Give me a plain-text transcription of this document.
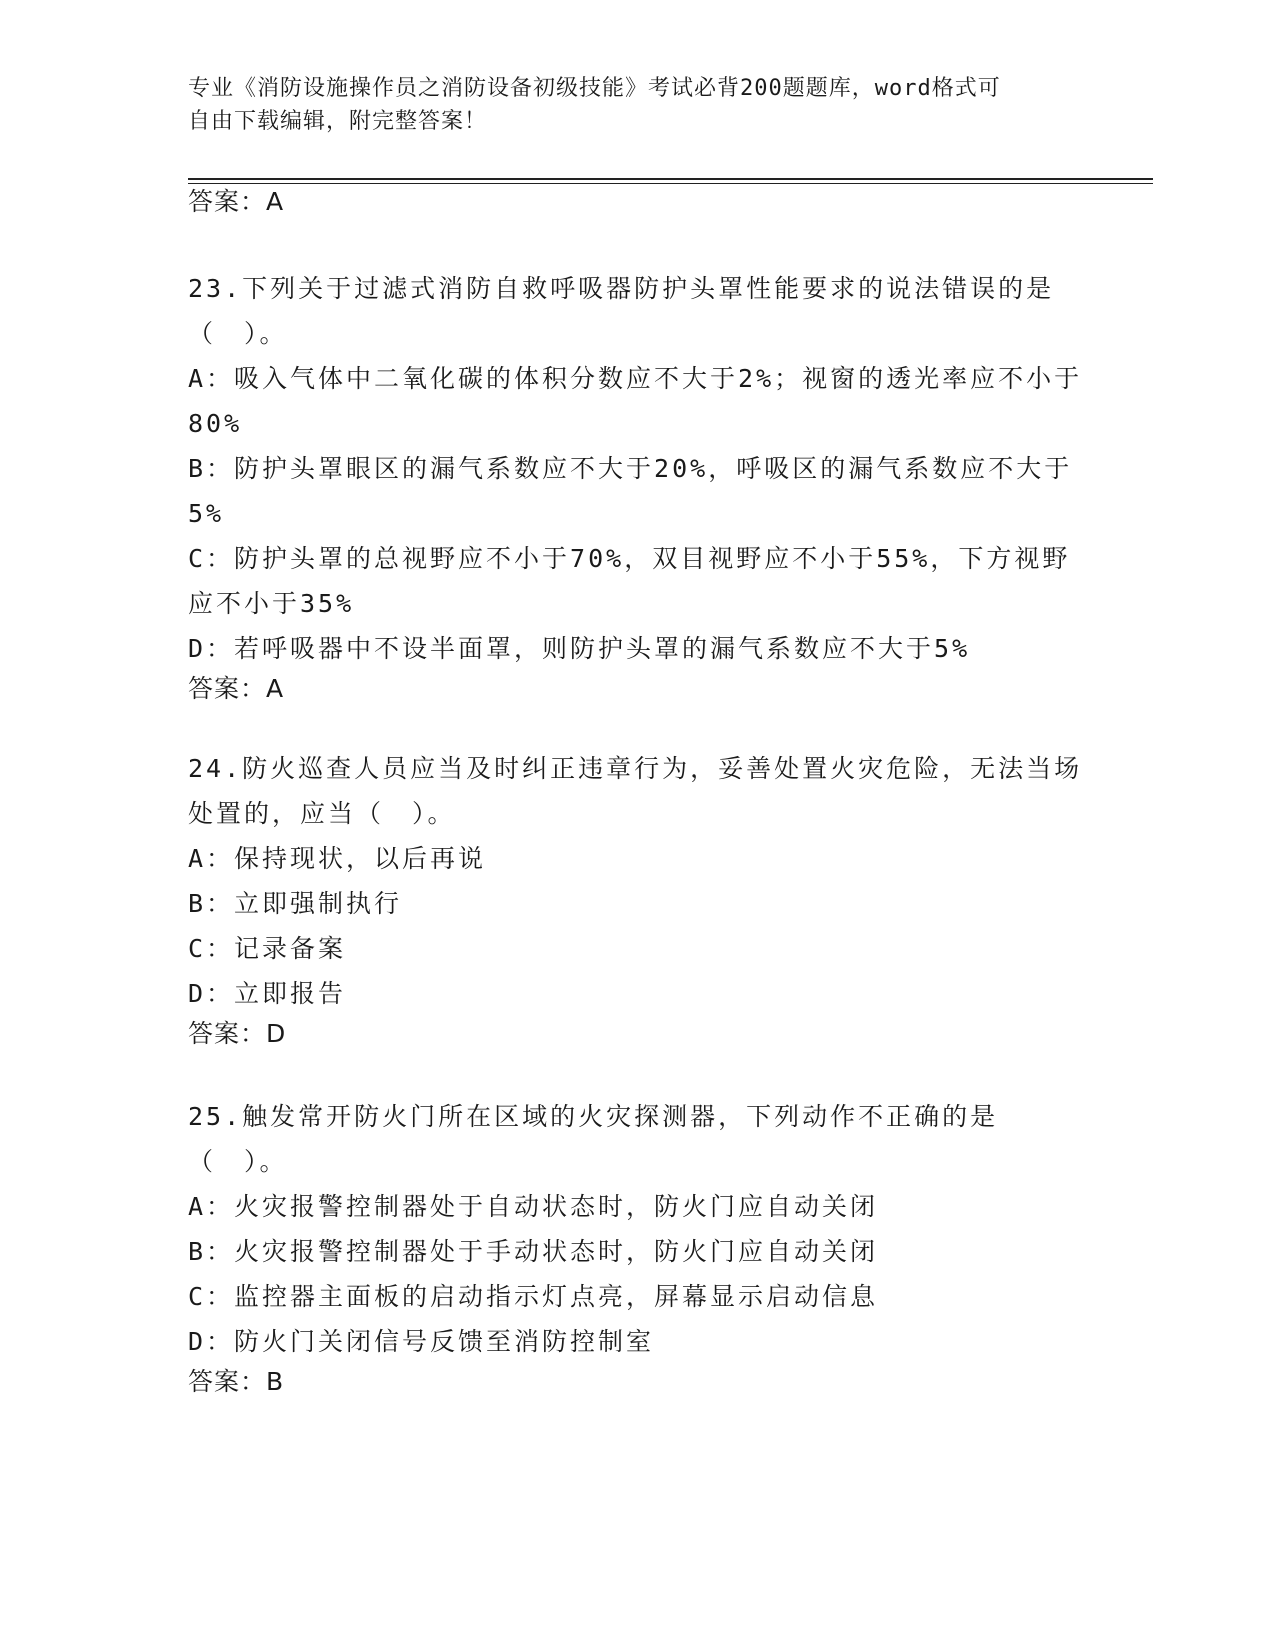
专业《消防设施操作员之消防设备初级技能》考试必背200题题库，word格式可
自由下载编辑，附完整答案！
答案：A
23.下列关于过滤式消防自救呼吸器防护头罩性能要求的说法错误的是（　）。
A：吸入气体中二氧化碳的体积分数应不大于2%；视窗的透光率应不小于80%
B：防护头罩眼区的漏气系数应不大于20%，呼吸区的漏气系数应不大于5%
C：防护头罩的总视野应不小于70%，双目视野应不小于55%，下方视野应不小于35%
D：若呼吸器中不设半面罩，则防护头罩的漏气系数应不大于5%
答案：A
24.防火巡查人员应当及时纠正违章行为，妥善处置火灾危险，无法当场处置的，应当（　）。
A：保持现状，以后再说
B：立即强制执行
C：记录备案
D：立即报告
答案：D
25.触发常开防火门所在区域的火灾探测器，下列动作不正确的是（　）。
A：火灾报警控制器处于自动状态时，防火门应自动关闭
B：火灾报警控制器处于手动状态时，防火门应自动关闭
C：监控器主面板的启动指示灯点亮，屏幕显示启动信息
D：防火门关闭信号反馈至消防控制室
答案：B
